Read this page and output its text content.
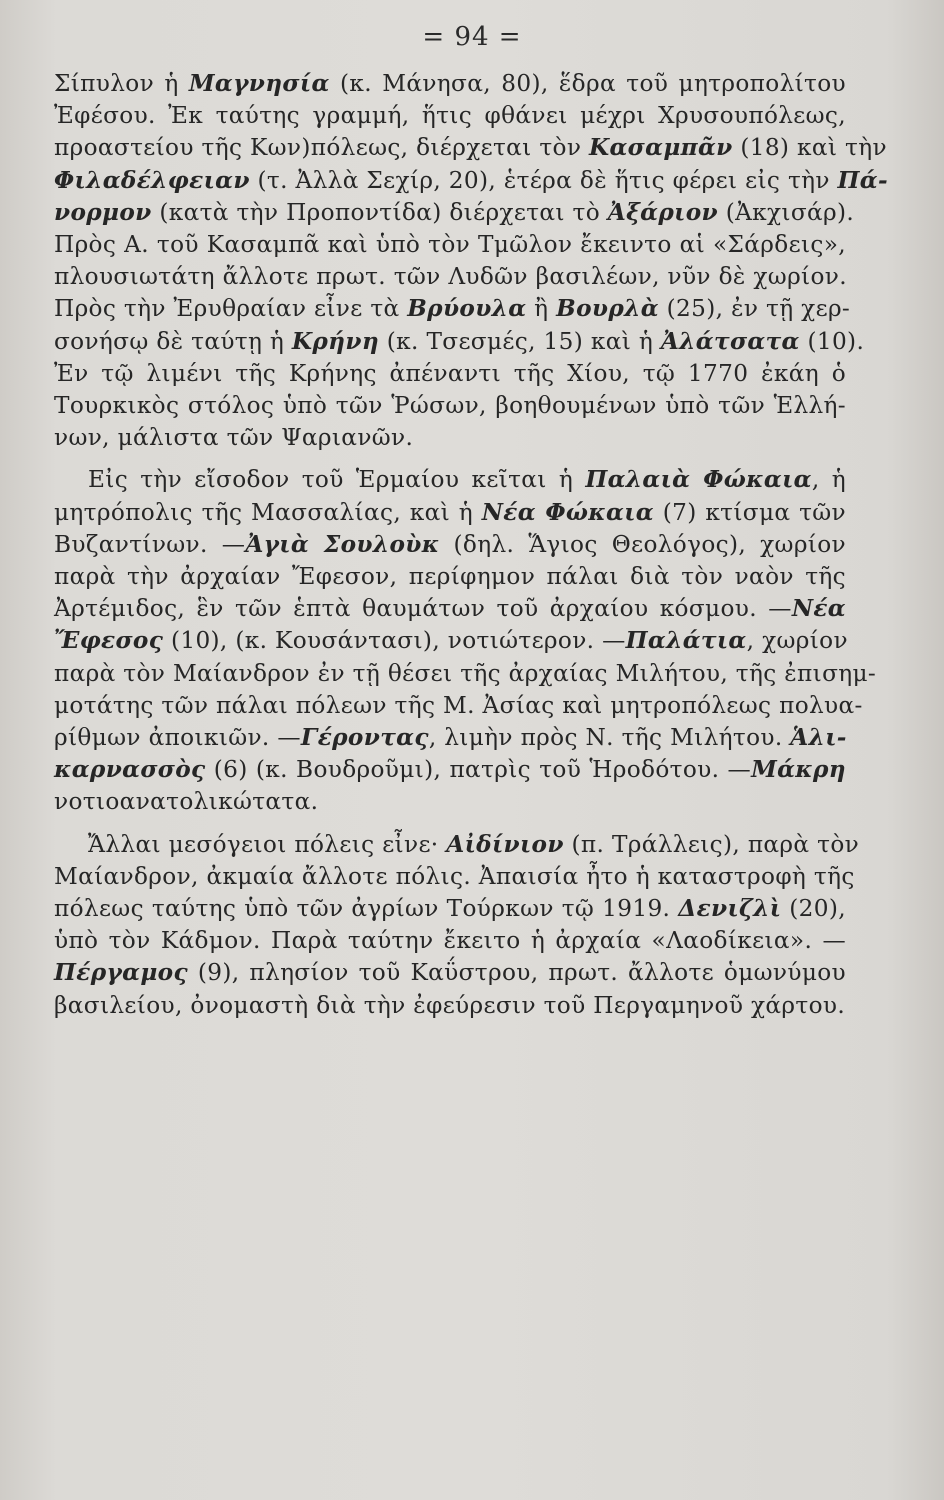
= 94 =

Σίπυλον ἡ Μαγνησία (κ. Μάνησα, 80), ἕδρα τοῦ μητροπολίτου
Ἐφέσου. Ἐκ ταύτης γραμμή, ἥτις φθάνει μέχρι Χρυσουπόλεως,
προαστείου τῆς Κων)πόλεως, διέρχεται τὸν Κασαμπᾶν (18) καὶ τὴν
Φιλαδέλφειαν (τ. Ἀλλὰ Σεχίρ, 20), ἑτέρα δὲ ἥτις φέρει εἰς τὴν Πά-
νορμον (κατὰ τὴν Προποντίδα) διέρχεται τὸ Ἀξάριον (Ἀκχισάρ).
Πρὸς Α. τοῦ Κασαμπᾶ καὶ ὑπὸ τὸν Τμῶλον ἔκειντο αἱ «Σάρδεις»,
πλουσιωτάτη ἄλλοτε πρωτ. τῶν Λυδῶν βασιλέων, νῦν δὲ χωρίον.
Πρὸς τὴν Ἐρυθραίαν εἶνε τὰ Βρύουλα ἢ Βουρλὰ (25), ἐν τῇ χερ-
σονήσῳ δὲ ταύτῃ ἡ Κρήνη (κ. Τσεσμές, 15) καὶ ἡ Ἀλάτσατα (10).
Ἐν τῷ λιμένι τῆς Κρήνης ἀπέναντι τῆς Χίου, τῷ 1770 ἐκάη ὁ
Τουρκικὸς στόλος ὑπὸ τῶν Ῥώσων, βοηθουμένων ὑπὸ τῶν Ἑλλή-
νων, μάλιστα τῶν Ψαριανῶν.

Εἰς τὴν εἴσοδον τοῦ Ἑρμαίου κεῖται ἡ Παλαιὰ Φώκαια, ἡ
μητρόπολις τῆς Μασσαλίας, καὶ ἡ Νέα Φώκαια (7) κτίσμα τῶν
Βυζαντίνων. —Ἀγιὰ Σουλοὺκ (δηλ. Ἅγιος Θεολόγος), χωρίον
παρὰ τὴν ἀρχαίαν Ἔφεσον, περίφημον πάλαι διὰ τὸν ναὸν τῆς
Ἀρτέμιδος, ἓν τῶν ἑπτὰ θαυμάτων τοῦ ἀρχαίου κόσμου. —Νέα
Ἔφεσος (10), (κ. Κουσάντασι), νοτιώτερον. —Παλάτια, χωρίον
παρὰ τὸν Μαίανδρον ἐν τῇ θέσει τῆς ἀρχαίας Μιλήτου, τῆς ἐπισημ-
μοτάτης τῶν πάλαι πόλεων τῆς Μ. Ἀσίας καὶ μητροπόλεως πολυα-
ρίθμων ἀποικιῶν. —Γέροντας, λιμὴν πρὸς Ν. τῆς Μιλήτου. Ἁλι-
καρνασσὸς (6) (κ. Βουδροῦμι), πατρὶς τοῦ Ἡροδότου. —Μάκρη
νοτιοανατολικώτατα.

Ἄλλαι μεσόγειοι πόλεις εἶνε· Αἰδίνιον (π. Τράλλεις), παρὰ τὸν
Μαίανδρον, ἀκμαία ἄλλοτε πόλις. Ἀπαισία ἦτο ἡ καταστροφὴ τῆς
πόλεως ταύτης ὑπὸ τῶν ἀγρίων Τούρκων τῷ 1919. Δενιζλὶ (20),
ὑπὸ τὸν Κάδμον. Παρὰ ταύτην ἔκειτο ἡ ἀρχαία «Λαοδίκεια». —
Πέργαμος (9), πλησίον τοῦ Καΰστρου, πρωτ. ἄλλοτε ὁμωνύμου
βασιλείου, ὀνομαστὴ διὰ τὴν ἐφεύρεσιν τοῦ Περγαμηνοῦ χάρτου.
